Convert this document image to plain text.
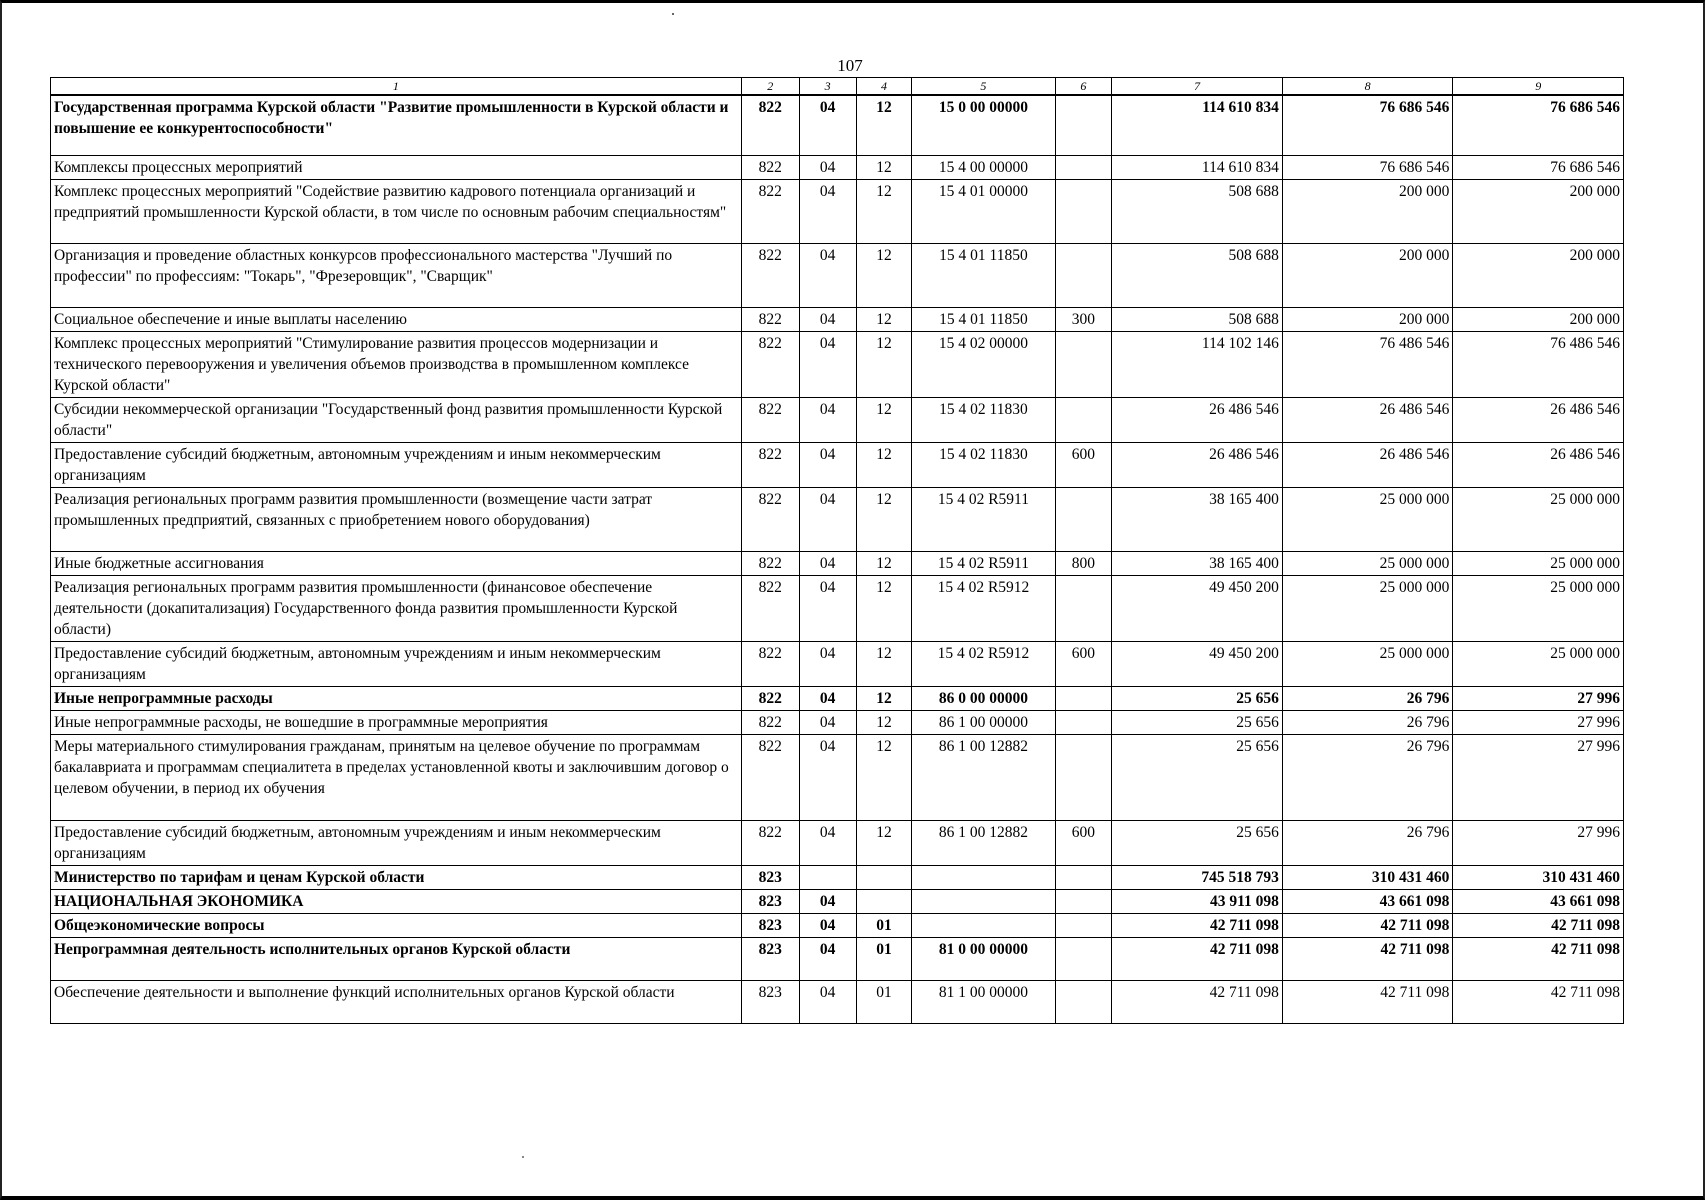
107
1	2	3	4	5	6	7	8	9
Государственная программа Курской области "Развитие промышленности в Курской области и повышение ее конкурентоспособности"	822	04	12	15 0 00 00000		114 610 834	76 686 546	76 686 546
Комплексы процессных мероприятий	822	04	12	15 4 00 00000		114 610 834	76 686 546	76 686 546
Комплекс процессных мероприятий "Содействие развитию кадрового потенциала организаций и предприятий промышленности Курской области, в том числе по основным рабочим специальностям"	822	04	12	15 4 01 00000		508 688	200 000	200 000
Организация и проведение областных конкурсов профессионального мастерства "Лучший по профессии" по профессиям: "Токарь", "Фрезеровщик", "Сварщик"	822	04	12	15 4 01 11850		508 688	200 000	200 000
Социальное обеспечение и иные выплаты населению	822	04	12	15 4 01 11850	300	508 688	200 000	200 000
Комплекс процессных мероприятий "Стимулирование развития процессов модернизации и технического перевооружения и увеличения объемов производства в промышленном комплексе Курской области"	822	04	12	15 4 02 00000		114 102 146	76 486 546	76 486 546
Субсидии некоммерческой организации "Государственный фонд развития промышленности Курской области"	822	04	12	15 4 02 11830		26 486 546	26 486 546	26 486 546
Предоставление субсидий бюджетным, автономным учреждениям и иным некоммерческим организациям	822	04	12	15 4 02 11830	600	26 486 546	26 486 546	26 486 546
Реализация региональных программ развития промышленности (возмещение части затрат промышленных предприятий, связанных с приобретением нового оборудования)	822	04	12	15 4 02 R5911		38 165 400	25 000 000	25 000 000
Иные бюджетные ассигнования	822	04	12	15 4 02 R5911	800	38 165 400	25 000 000	25 000 000
Реализация региональных программ развития промышленности (финансовое обеспечение деятельности (докапитализация) Государственного фонда развития промышленности Курской области)	822	04	12	15 4 02 R5912		49 450 200	25 000 000	25 000 000
Предоставление субсидий бюджетным, автономным учреждениям и иным некоммерческим организациям	822	04	12	15 4 02 R5912	600	49 450 200	25 000 000	25 000 000
Иные непрограммные расходы	822	04	12	86 0 00 00000		25 656	26 796	27 996
Иные непрограммные расходы, не вошедшие в программные мероприятия	822	04	12	86 1 00 00000		25 656	26 796	27 996
Меры материального стимулирования гражданам, принятым на целевое обучение по программам бакалавриата и программам специалитета в пределах установленной квоты и заключившим договор о целевом обучении, в период их обучения	822	04	12	86 1 00 12882		25 656	26 796	27 996
Предоставление субсидий бюджетным, автономным учреждениям и иным некоммерческим организациям	822	04	12	86 1 00 12882	600	25 656	26 796	27 996
Министерство по тарифам и ценам Курской области	823					745 518 793	310 431 460	310 431 460
НАЦИОНАЛЬНАЯ ЭКОНОМИКА	823	04				43 911 098	43 661 098	43 661 098
Общеэкономические вопросы	823	04	01			42 711 098	42 711 098	42 711 098
Непрограммная деятельность исполнительных органов Курской области	823	04	01	81 0 00 00000		42 711 098	42 711 098	42 711 098
Обеспечение деятельности и выполнение функций исполнительных органов Курской области	823	04	01	81 1 00 00000		42 711 098	42 711 098	42 711 098
